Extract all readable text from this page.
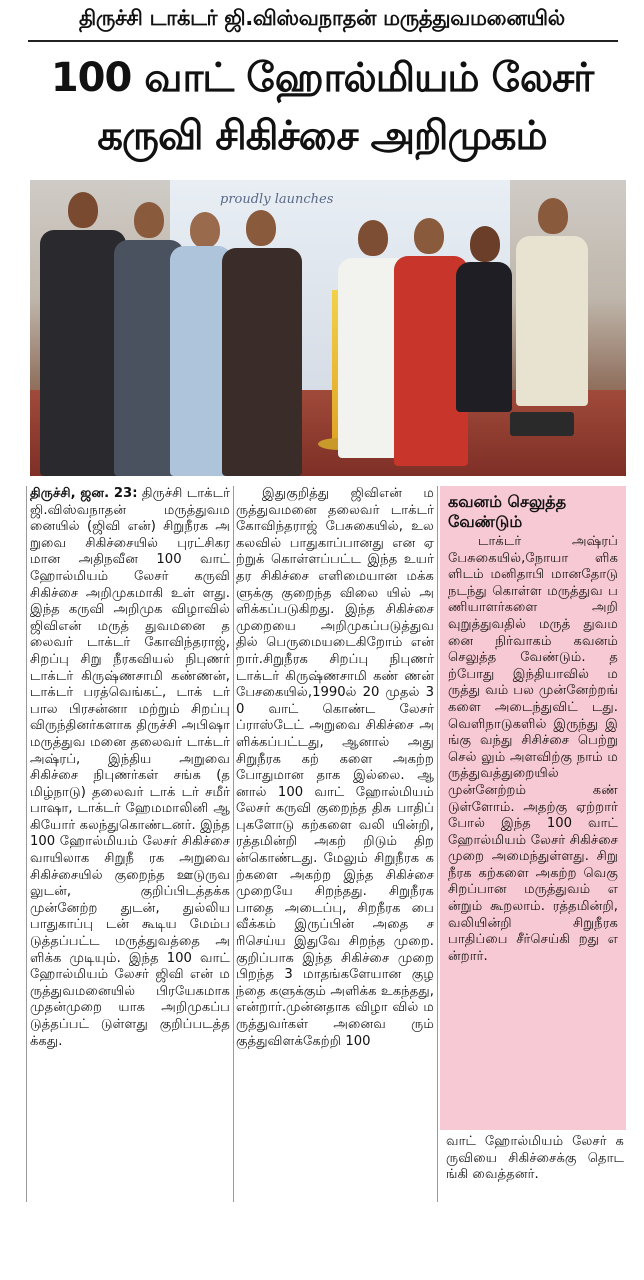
திருச்சி டாக்டர் ஜி.விஸ்வநாதன் மருத்துவமனையில்
100 வாட் ஹோல்மியம் லேசர்
கருவி சிகிச்சை அறிமுகம்
proudly launches
திருச்சி, ஜன. 23: திருச்சி டாக்டர் ஜி.விஸ்வநாதன் மருத்துவமனையில் (ஜிவி என்) சிறுநீரக அறுவை சிகிச்சையில் புரட்சிகர மான அதிநவீன 100 வாட் ஹோல்மியம் லேசர் கருவி சிகிச்சை அறிமுகமாகி உள் ளது. இந்த கருவி அறிமுக விழாவில் ஜிவிஎன் மருத் துவமனை தலைவர் டாக்டர் கோவிந்தராஜ், சிறப்பு சிறு நீரகவியல் நிபுணர் டாக்டர் கிருஷ்ணசாமி கண்ணன், டாக்டர் பரத்வெங்கட், டாக் டர் பால பிரசன்னா மற்றும் சிறப்பு விருந்தினர்களாக திருச்சி அபிஷா மருத்துவ மனை தலைவர் டாக்டர் அஷ்ரப், இந்திய அறுவை சிகிச்சை நிபுணர்கள் சங்க (தமிழ்நாடு) தலைவர் டாக் டர் சமீர் பாஷா, டாக்டர் ஹேமமாலினி ஆகியோர் கலந்துகொண்டனர். இந்த 100 ஹோல்மியம் லேசர் சிகிச்சை வாயிலாக சிறுநீ ரக அறுவை சிகிச்சையில் குறைந்த ஊடுருவலுடன், குறிப்பிடத்தக்க முன்னேற்ற துடன், துல்லிய பாதுகாப்பு டன் கூடிய மேம்படுத்தப்பட்ட மருத்துவத்தை அளிக்க முடியும். இந்த 100 வாட் ஹோல்மியம் லேசர் ஜிவி என் மருத்துவமனையில் பிரயேகமாக முதன்முறை யாக அறிமுகப்படுத்தப்பட் டுள்ளது குறிப்படத்தக்கது.
இதுகுறித்து ஜிவிஎன் மருத்துவமனை தலைவர் டாக்டர் கோவிந்தராஜ் பேசுகையில், உலகலவில் பாதுகாப்பானது என ஏற்றுக் கொள்ளப்பட்ட இந்த உயர் தர சிகிச்சை எளிமையான மக்களுக்கு குறைந்த விலை யில் அளிக்கப்படுகிறது. இந்த சிகிச்சை முறையை அறிமுகப்படுத்துவதில் பெருமையடைகிறோம் என் றார்.சிறுநீரக சிறப்பு நிபுணர் டாக்டர் கிருஷ்ணசாமி கண் ணன் பேசகையில்,1990ல் 20 முதல் 30 வாட் கொண்ட லேசர் ப்ராஸ்டேட் அறுவை சிகிச்சை அளிக்கப்பட்டது, ஆனால் அது சிறுநீரக கற் களை அகற்ற போதுமான தாக இல்லை. ஆனால் 100 வாட் ஹோல்மியம் லேசர் கருவி குறைந்த திசு பாதிப் புகளோடு கற்களை வலி யின்றி, ரத்தமின்றி அகற் றிடும் திறன்கொண்டது. மேலும் சிறுநீரக கற்களை அகற்ற இந்த சிகிச்சை முறையே சிறந்தது. சிறுநீரக பாதை அடைப்பு, சிறநீரக பை வீக்கம் இருப்பின் அதை சரிசெய்ய இதுவே சிறந்த முறை. குறிப்பாக இந்த சிகிச்சை முறை பிறந்த 3 மாதங்களேயான குழந்தை களுக்கும் அளிக்க உகந்தது, என்றார்.முன்னதாக விழா வில் மருத்துவர்கள் அனைவ ரும் குத்துவிளக்கேற்றி 100
கவனம் செலுத்த வேண்டும்
டாக்டர் அஷ்ரப் பேசுகையில்,நோயா ளிகளிடம் மனிதாபி மானதோடு நடந்து கொள்ள மருத்துவ பணியாளர்களை அறி வுறுத்துவதில் மருத் துவமனை நிர்வாகம் கவனம் செலுத்த வேண்டும். தற்போது இந்தியாவில் மருத்து வம் பல முன்னேற்றங் களை அடைந்துவிட் டது. வெளிநாடுகளில் இருந்து இங்கு வந்து சிசிச்சை பெற்று செல் லும் அளவிற்கு நாம் மருத்துவத்துறையில் முன்னேற்றம் கண் டுள்ளோம். அதற்கு ஏற்றார் போல் இந்த 100 வாட் ஹோல்மியம் லேசர் சிகிச்சை முறை அமைந்துள்ளது. சிறு நீரக கற்களை அகற்ற வெகு சிறப்பான மருத்துவம் என்றும் கூறலாம். ரத்தமின்றி, வலியின்றி சிறுநீரக பாதிப்பை சீர்செய்கி றது என்றார்.
வாட் ஹோல்மியம் லேசர் கருவியை சிகிச்சைக்கு தொடங்கி வைத்தனர்.
